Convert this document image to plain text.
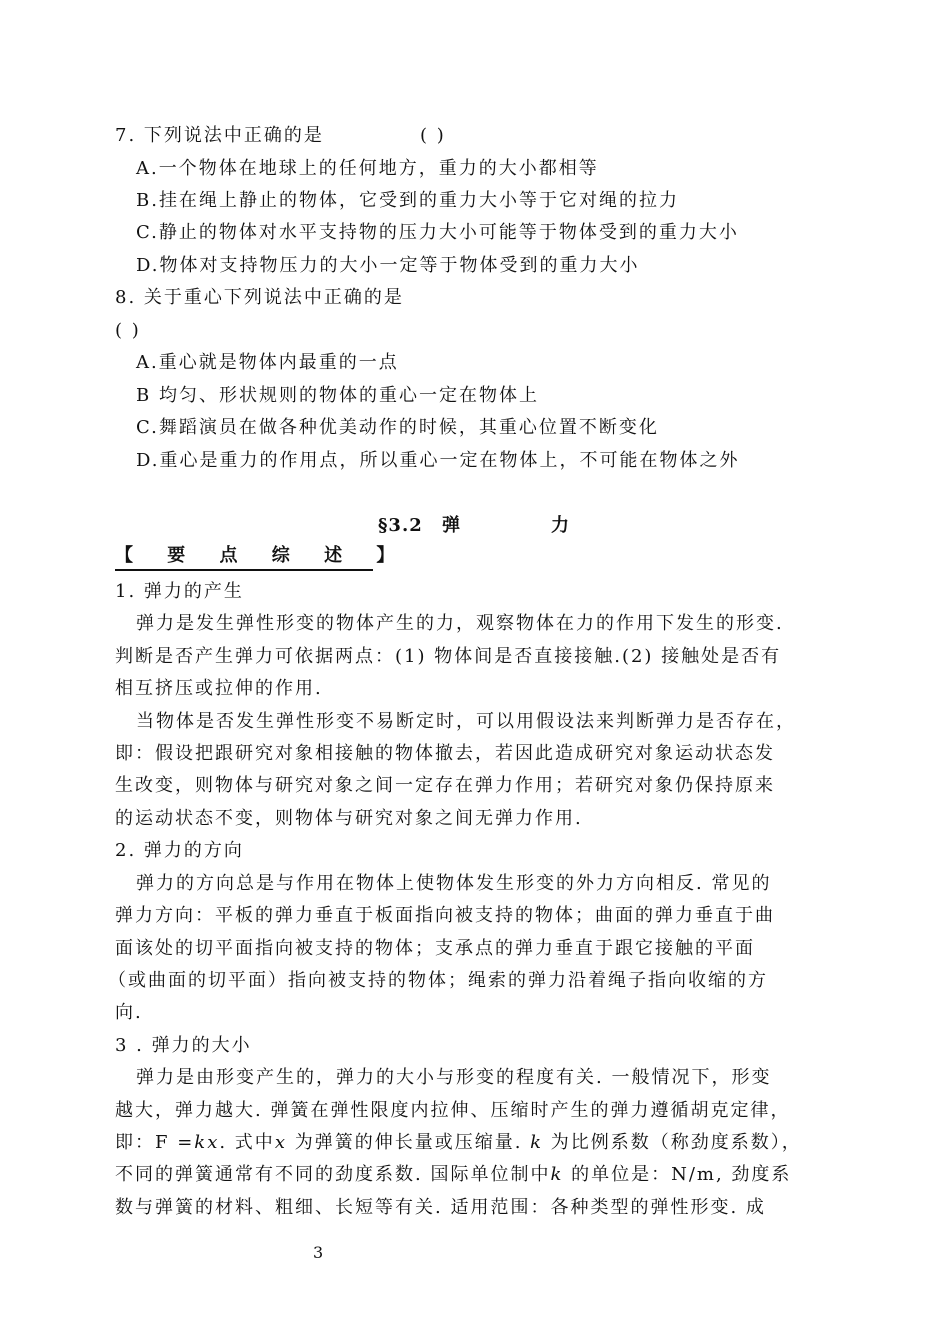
7. 下列说法中正确的是	( )
A.一个物体在地球上的任何地方，重力的大小都相等
B.挂在绳上静止的物体，它受到的重力大小等于它对绳的拉力
C.静止的物体对水平支持物的压力大小可能等于物体受到的重力大小
D.物体对支持物压力的大小一定等于物体受到的重力大小
8. 关于重心下列说法中正确的是
( )
A.重心就是物体内最重的一点
B 均匀、形状规则的物体的重心一定在物体上
C.舞蹈演员在做各种优美动作的时候，其重心位置不断变化
D.重心是重力的作用点，所以重心一定在物体上，不可能在物体之外
§3.2 弹	力
【 要 点 综 述 】
1. 弹力的产生
弹力是发生弹性形变的物体产生的力，观察物体在力的作用下发生的形变.
判断是否产生弹力可依据两点：(1) 物体间是否直接接触.(2) 接触处是否有
相互挤压或拉伸的作用.
当物体是否发生弹性形变不易断定时，可以用假设法来判断弹力是否存在，
即：假设把跟研究对象相接触的物体撤去，若因此造成研究对象运动状态发
生改变，则物体与研究对象之间一定存在弹力作用；若研究对象仍保持原来
的运动状态不变，则物体与研究对象之间无弹力作用.
2. 弹力的方向
弹力的方向总是与作用在物体上使物体发生形变的外力方向相反. 常见的
弹力方向：平板的弹力垂直于板面指向被支持的物体；曲面的弹力垂直于曲
面该处的切平面指向被支持的物体；支承点的弹力垂直于跟它接触的平面
（或曲面的切平面）指向被支持的物体；绳索的弹力沿着绳子指向收缩的方
向.
3 . 弹力的大小
弹力是由形变产生的，弹力的大小与形变的程度有关. 一般情况下，形变
越大，弹力越大. 弹簧在弹性限度内拉伸、压缩时产生的弹力遵循胡克定律，
即：F =kx. 式中x 为弹簧的伸长量或压缩量. k 为比例系数（称劲度系数），
不同的弹簧通常有不同的劲度系数. 国际单位制中k 的单位是：N/m, 劲度系
数与弹簧的材料、粗细、长短等有关. 适用范围：各种类型的弹性形变. 成
3
